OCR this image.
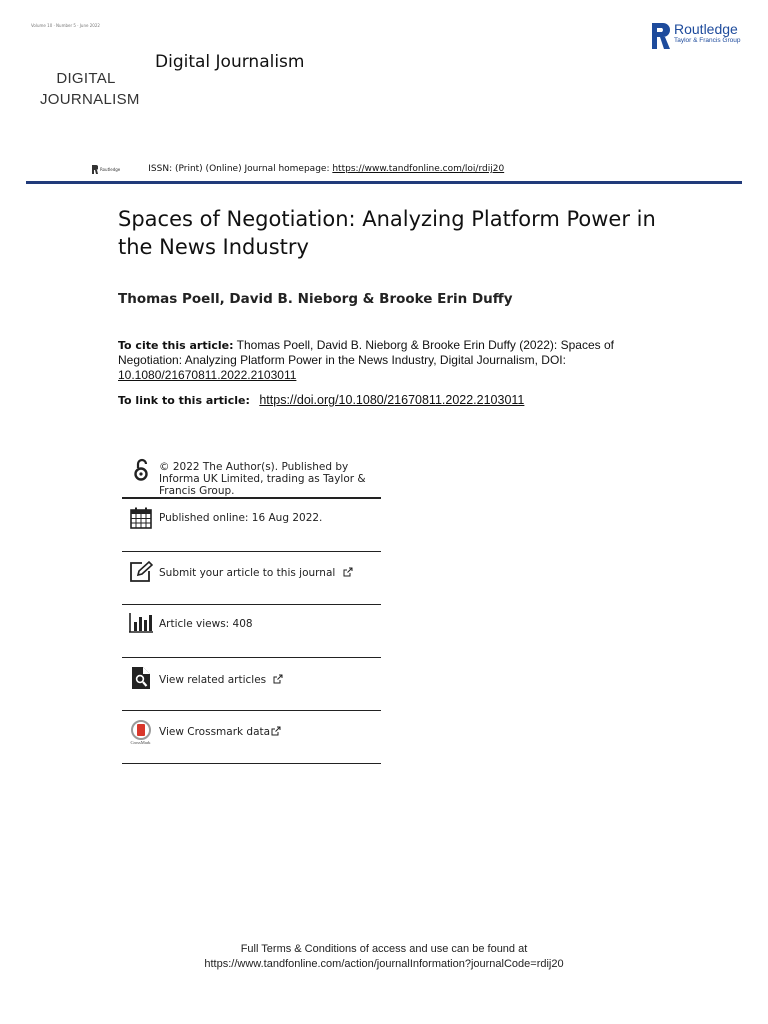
Volume 10 · Number 5 · June 2022
DIGITAL
JOURNALISM
Digital Journalism
Routledge
Taylor & Francis Group
Routledge	ISSN: (Print) (Online) Journal homepage: https://www.tandfonline.com/loi/rdij20
Spaces of Negotiation: Analyzing Platform Power in the News Industry
Thomas Poell, David B. Nieborg & Brooke Erin Duffy
To cite this article: Thomas Poell, David B. Nieborg & Brooke Erin Duffy (2022): Spaces of Negotiation: Analyzing Platform Power in the News Industry, Digital Journalism, DOI:
10.1080/21670811.2022.2103011
To link to this article: https://doi.org/10.1080/21670811.2022.2103011
© 2022 The Author(s). Published by Informa UK Limited, trading as Taylor & Francis Group.
Published online: 16 Aug 2022.
Submit your article to this journal
Article views: 408
View related articles
CrossMark
View Crossmark data
Full Terms & Conditions of access and use can be found at
https://www.tandfonline.com/action/journalInformation?journalCode=rdij20
